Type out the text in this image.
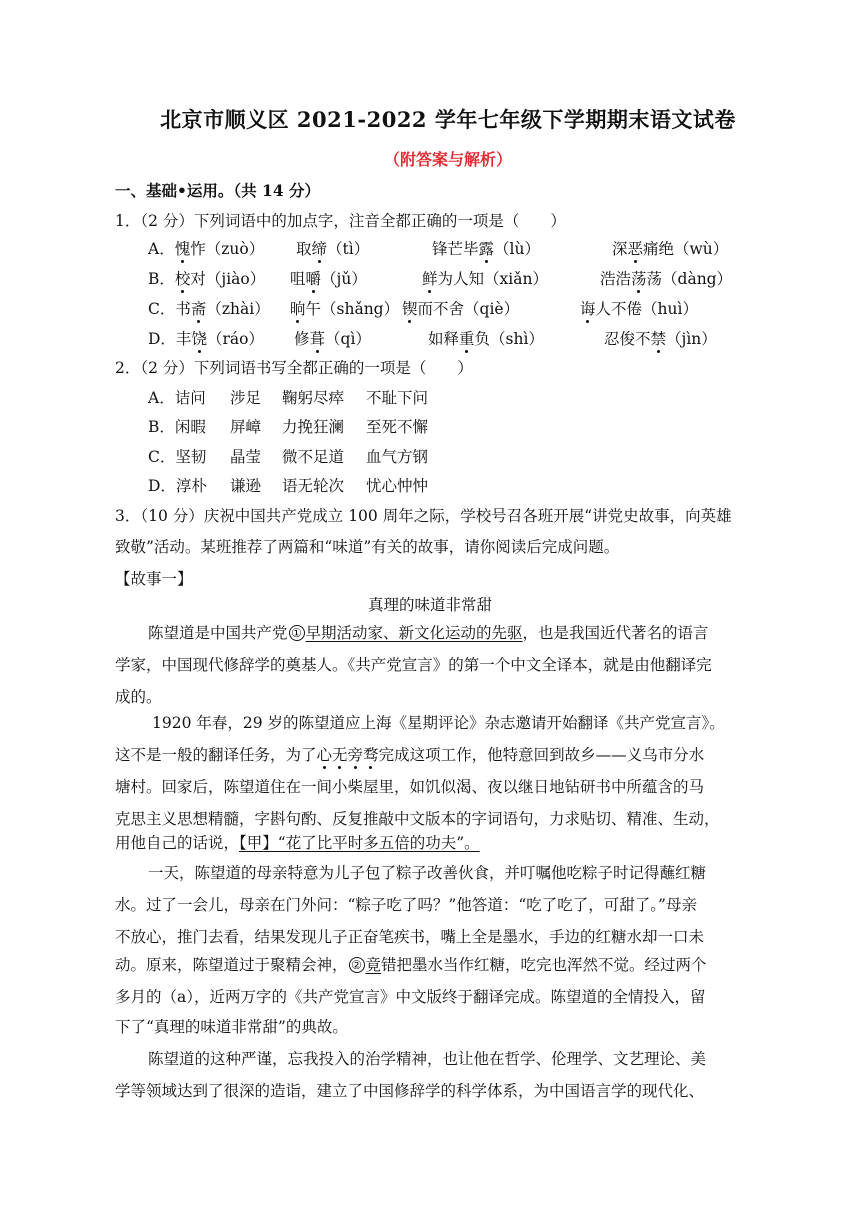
北京市顺义区 2021-2022 学年七年级下学期期末语文试卷
（附答案与解析）
一、基础•运用。（共 14 分）
1．（2 分）下列词语中的加点字，注音全都正确的一项是（　　）
A．愧怍（zuò） 取缔（tì）	锋芒毕露（lù）	深恶痛绝（wù）
B．校对（jiào） 咀嚼（jǔ）	鲜为人知（xiǎn）	浩浩荡荡（dàng）
C．书斋（zhài） 晌午（shǎng） 锲而不舍（qiè）	诲人不倦（huì）
D．丰饶（ráo） 修葺（qì）	如释重负（shì）	忍俊不禁（jìn）
2．（2 分）下列词语书写全都正确的一项是（　　）
A．诘问 涉足 鞠躬尽瘁 不耻下问
B．闲暇 屏嶂 力挽狂澜 至死不懈
C．坚韧 晶莹 微不足道 血气方钢
D．淳朴 谦逊 语无轮次 忧心忡忡
3．（10 分）庆祝中国共产党成立 100 周年之际，学校号召各班开展“讲党史故事，向英雄
致敬”活动。某班推荐了两篇和“味道”有关的故事，请你阅读后完成问题。
【故事一】
真理的味道非常甜
陈望道是中国共产党 ① 早期活动家、新文化运动的先驱，也是我国近代著名的语言
学家，中国现代修辞学的奠基人。《共产党宣言》的第一个中文全译本，就是由他翻译完
成的。
1920 年春，29 岁的陈望道应上海《星期评论》杂志邀请开始翻译《共产党宣言》。
这不是一般的翻译任务，为了心无旁骛完成这项工作，他特意回到故乡——义乌市分水
塘村。回家后，陈望道住在一间小柴屋里，如饥似渴、夜以继日地钻研书中所蕴含的马
克思主义思想精髓，字斟句酌、反复推敲中文版本的字词语句，力求贴切、精准、生动，
用他自己的话说，【甲】“花了比平时多五倍的功夫”。
一天，陈望道的母亲特意为儿子包了粽子改善伙食，并叮嘱他吃粽子时记得蘸红糖
水。过了一会儿，母亲在门外问：“粽子吃了吗？”他答道：“吃了吃了，可甜了。”母亲
不放心，推门去看，结果发现儿子正奋笔疾书，嘴上全是墨水，手边的红糖水却一口未
动。原来，陈望道过于聚精会神， ② 竟错把墨水当作红糖，吃完也浑然不觉。经过两个
多月的（a），近两万字的《共产党宣言》中文版终于翻译完成。陈望道的全情投入，留
下了“真理的味道非常甜”的典故。
陈望道的这种严谨，忘我投入的治学精神，也让他在哲学、伦理学、文艺理论、美
学等领域达到了很深的造诣，建立了中国修辞学的科学体系，为中国语言学的现代化、
